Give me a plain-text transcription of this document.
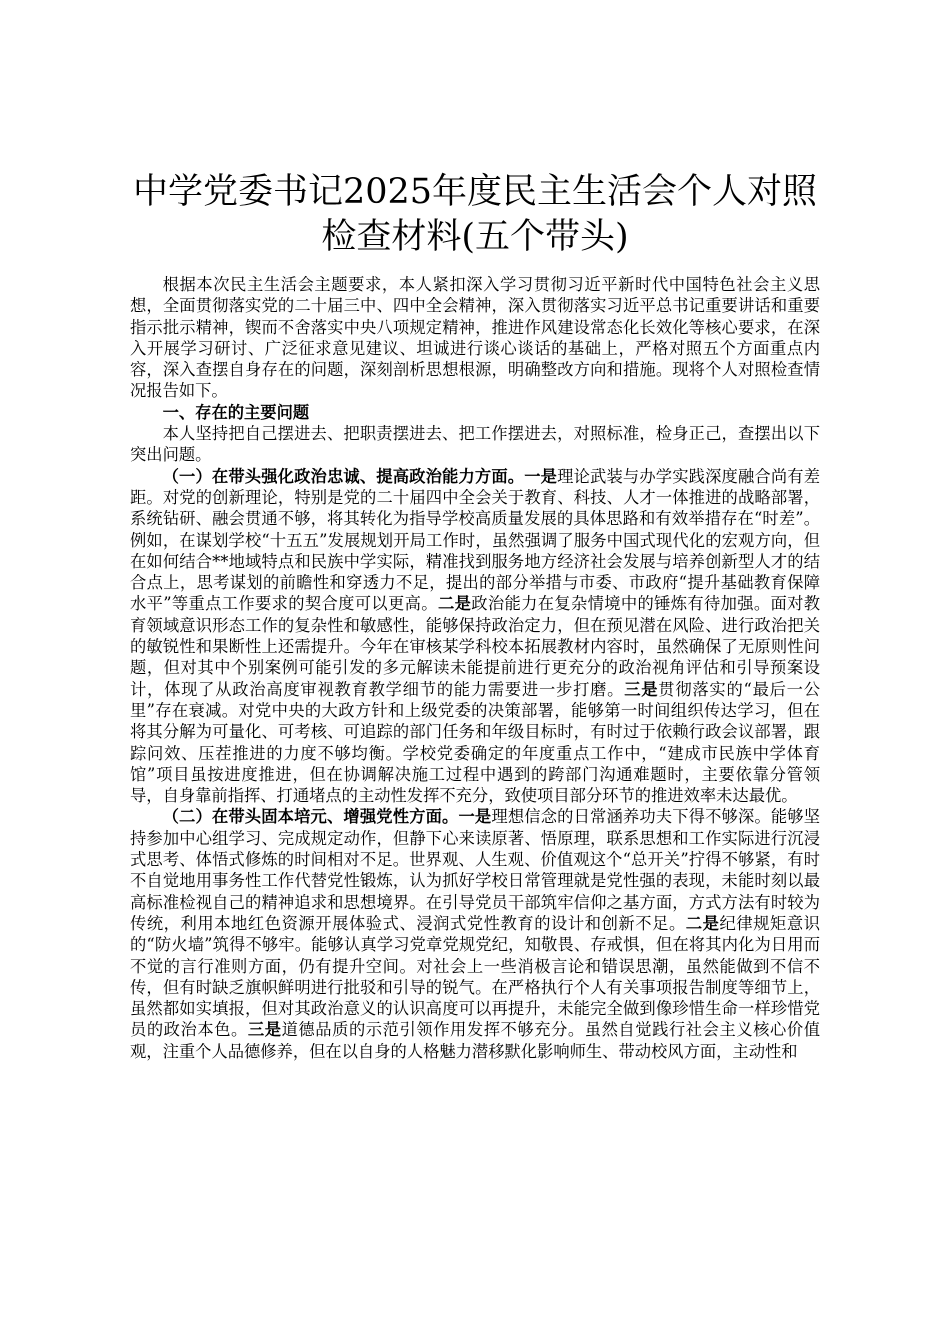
中学党委书记2025年度民主生活会个人对照
检查材料(五个带头)

根据本次民主生活会主题要求，本人紧扣深入学习贯彻习近平新时代中国特色社会主义思想，全面贯彻落实党的二十届三中、四中全会精神，深入贯彻落实习近平总书记重要讲话和重要指示批示精神，锲而不舍落实中央八项规定精神，推进作风建设常态化长效化等核心要求，在深入开展学习研讨、广泛征求意见建议、坦诚进行谈心谈话的基础上，严格对照五个方面重点内容，深入查摆自身存在的问题，深刻剖析思想根源，明确整改方向和措施。现将个人对照检查情况报告如下。

一、存在的主要问题

本人坚持把自己摆进去、把职责摆进去、把工作摆进去，对照标准，检身正己，查摆出以下突出问题。

（一）在带头强化政治忠诚、提高政治能力方面。一是理论武装与办学实践深度融合尚有差距。对党的创新理论，特别是党的二十届四中全会关于教育、科技、人才一体推进的战略部署，系统钻研、融会贯通不够，将其转化为指导学校高质量发展的具体思路和有效举措存在“时差”。例如，在谋划学校“十五五”发展规划开局工作时，虽然强调了服务中国式现代化的宏观方向，但在如何结合**地域特点和民族中学实际，精准找到服务地方经济社会发展与培养创新型人才的结合点上，思考谋划的前瞻性和穿透力不足，提出的部分举措与市委、市政府“提升基础教育保障水平”等重点工作要求的契合度可以更高。二是政治能力在复杂情境中的锤炼有待加强。面对教育领域意识形态工作的复杂性和敏感性，能够保持政治定力，但在预见潜在风险、进行政治把关的敏锐性和果断性上还需提升。今年在审核某学科校本拓展教材内容时，虽然确保了无原则性问题，但对其中个别案例可能引发的多元解读未能提前进行更充分的政治视角评估和引导预案设计，体现了从政治高度审视教育教学细节的能力需要进一步打磨。三是贯彻落实的“最后一公里”存在衰减。对党中央的大政方针和上级党委的决策部署，能够第一时间组织传达学习，但在将其分解为可量化、可考核、可追踪的部门任务和年级目标时，有时过于依赖行政会议部署，跟踪问效、压茬推进的力度不够均衡。学校党委确定的年度重点工作中，“建成市民族中学体育馆”项目虽按进度推进，但在协调解决施工过程中遇到的跨部门沟通难题时，主要依靠分管领导，自身靠前指挥、打通堵点的主动性发挥不充分，致使项目部分环节的推进效率未达最优。

（二）在带头固本培元、增强党性方面。一是理想信念的日常涵养功夫下得不够深。能够坚持参加中心组学习、完成规定动作，但静下心来读原著、悟原理，联系思想和工作实际进行沉浸式思考、体悟式修炼的时间相对不足。世界观、人生观、价值观这个“总开关”拧得不够紧，有时不自觉地用事务性工作代替党性锻炼，认为抓好学校日常管理就是党性强的表现，未能时刻以最高标准检视自己的精神追求和思想境界。在引导党员干部筑牢信仰之基方面，方式方法有时较为传统，利用本地红色资源开展体验式、浸润式党性教育的设计和创新不足。二是纪律规矩意识的“防火墙”筑得不够牢。能够认真学习党章党规党纪，知敬畏、存戒惧，但在将其内化为日用而不觉的言行准则方面，仍有提升空间。对社会上一些消极言论和错误思潮，虽然能做到不信不传，但有时缺乏旗帜鲜明进行批驳和引导的锐气。在严格执行个人有关事项报告制度等细节上，虽然都如实填报，但对其政治意义的认识高度可以再提升，未能完全做到像珍惜生命一样珍惜党员的政治本色。三是道德品质的示范引领作用发挥不够充分。虽然自觉践行社会主义核心价值观，注重个人品德修养，但在以自身的人格魅力潜移默化影响师生、带动校风方面，主动性和
